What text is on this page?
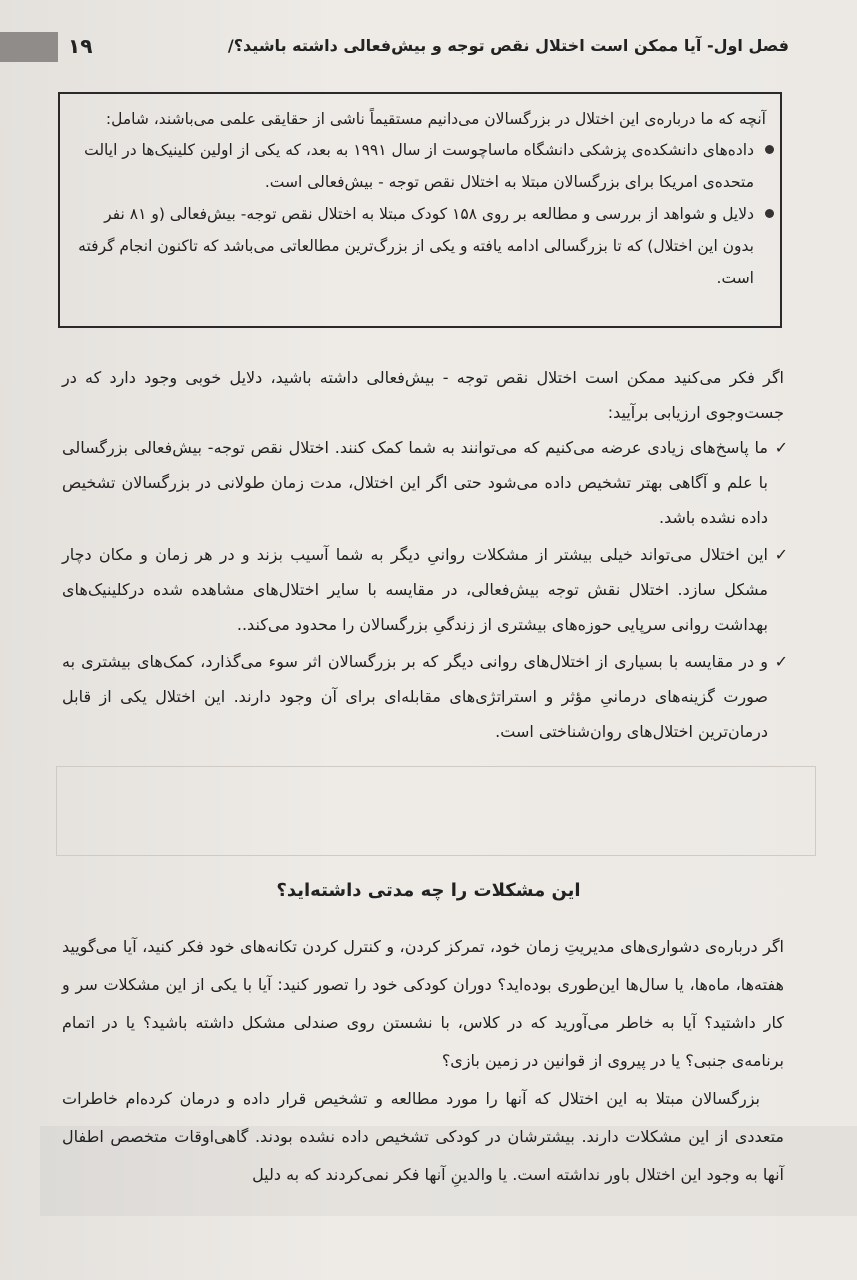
۱۹	فصل اول- آیا ممکن است اختلال نقص توجه و بیش‌فعالی داشته باشید؟/

آنچه که ما درباره‌ی این اختلال در بزرگسالان می‌دانیم مستقیماً ناشی از حقایقی علمی می‌باشند، شامل:

داده‌های دانشکده‌ی پزشکی دانشگاه ماساچوست از سال ۱۹۹۱ به بعد، که یکی از اولین کلینیک‌ها در ایالت متحده‌ی امریکا برای بزرگسالان مبتلا به اختلال نقص توجه - بیش‌فعالی است.
دلایل و شواهد از بررسی و مطالعه بر روی ۱۵۸ کودک مبتلا به اختلال نقص توجه- بیش‌فعالی (و ۸۱ نفر بدون این اختلال) که تا بزرگسالی ادامه یافته و یکی از بزرگ‌ترین مطالعاتی می‌باشد که تاکنون انجام گرفته است.

اگر فکر می‌کنید ممکن است اختلال نقص توجه - بیش‌فعالی داشته باشید، دلایل خوبی وجود دارد که در جست‌وجوی ارزیابی برآیید:

✓

ما پاسخ‌های زیادی عرضه می‌کنیم که می‌توانند به شما کمک کنند. اختلال نقص توجه- بیش‌فعالی بزرگسالی با علم و آگاهی بهتر تشخیص داده می‌شود حتی اگر این اختلال، مدت زمان طولانی در بزرگسالان تشخیص داده نشده باشد.

✓

این اختلال می‌تواند خیلی بیشتر از مشکلات روانیِ دیگر به شما آسیب بزند و در هر زمان و مکان دچار مشکل سازد. اختلال نقش توجه بیش‌فعالی، در مقایسه با سایر اختلال‌های مشاهده شده درکلینیک‌های بهداشت روانی سرپایی حوزه‌های بیشتری از زندگیِ بزرگسالان را محدود می‌کند..

✓

و در مقایسه با بسیاری از اختلال‌های روانی دیگر که بر بزرگسالان اثر سوء می‌گذارد، کمک‌های بیشتری به صورت گزینه‌های درمانیِ مؤثر و استراتژی‌های مقابله‌ای برای آن وجود دارند. این اختلال یکی از قابل درمان‌ترین اختلال‌های روان‌شناختی است.

این مشکلات را چه مدتی داشته‌اید؟

اگر درباره‌ی دشواری‌های مدیریتِ زمان خود، تمرکز کردن، و کنترل کردن تکانه‌های خود فکر کنید، آیا می‌گویید هفته‌ها، ماه‌ها، یا سال‌ها این‌طوری بوده‌اید؟ دوران کودکی خود را تصور کنید: آیا با یکی از این مشکلات سر و کار داشتید؟ آیا به خاطر می‌آورید که در کلاس، با نشستن روی صندلی مشکل داشته باشید؟ یا در اتمام برنامه‌ی جنبی؟ یا در پیروی از قوانین در زمین بازی؟

بزرگسالان مبتلا به این اختلال که آنها را مورد مطالعه و تشخیص قرار داده و درمان کرده‌ام خاطرات متعددی از این مشکلات دارند. بیشترشان در کودکی تشخیص داده نشده بودند. گاهی‌اوقات متخصص اطفال آنها به وجود این اختلال باور نداشته است. یا والدینِ آنها فکر نمی‌کردند که به دلیل
